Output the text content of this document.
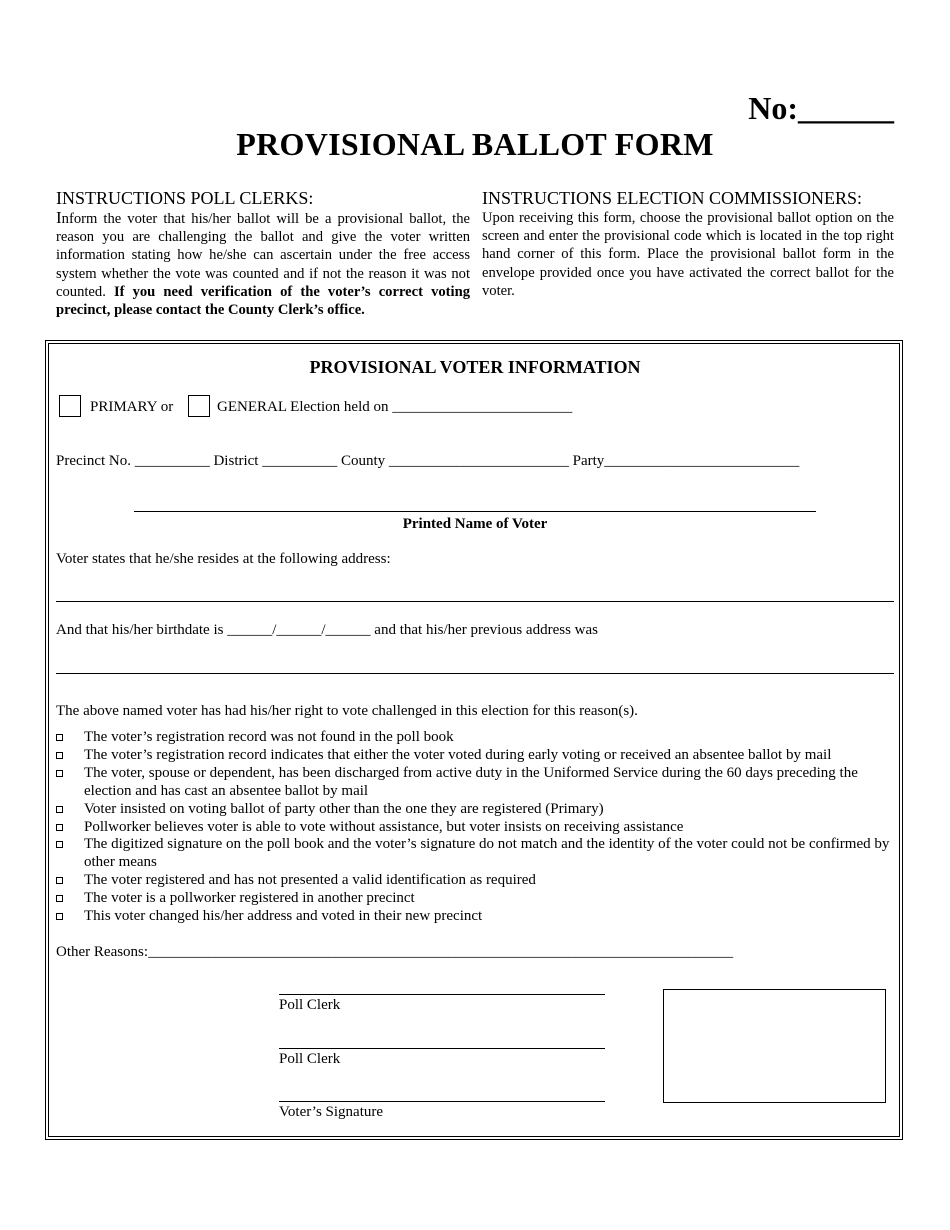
No:______
PROVISIONAL BALLOT FORM
INSTRUCTIONS POLL CLERKS:
Inform the voter that his/her ballot will be a provisional ballot, the reason you are challenging the ballot and give the voter written information stating how he/she can ascertain under the free access system whether the vote was counted and if not the reason it was not counted. If you need verification of the voter’s correct voting precinct, please contact the County Clerk’s office.
INSTRUCTIONS ELECTION COMMISSIONERS:
Upon receiving this form, choose the provisional ballot option on the screen and enter the provisional code which is located in the top right hand corner of this form. Place the provisional ballot form in the envelope provided once you have activated the correct ballot for the voter.
PROVISIONAL VOTER INFORMATION
PRIMARY or	GENERAL Election held on ________________________
Precinct No. __________ District __________ County ________________________ Party__________________________
Printed Name of Voter
Voter states that he/she resides at the following address:
And that his/her birthdate is ______/______/______ and that his/her previous address was
The above named voter has had his/her right to vote challenged in this election for this reason(s).
The voter’s registration record was not found in the poll book
The voter’s registration record indicates that either the voter voted during early voting or received an absentee ballot by mail
The voter, spouse or dependent, has been discharged from active duty in the Uniformed Service during the 60 days preceding the election and has cast an absentee ballot by mail
Voter insisted on voting ballot of party other than the one they are registered (Primary)
Pollworker believes voter is able to vote without assistance, but voter insists on receiving assistance
The digitized signature on the poll book and the voter’s signature do not match and the identity of the voter could not be confirmed by other means
The voter registered and has not presented a valid identification as required
The voter is a pollworker registered in another precinct
This voter changed his/her address and voted in their new precinct
Other Reasons:______________________________________________________________________________
Poll Clerk
Poll Clerk
Voter’s Signature
